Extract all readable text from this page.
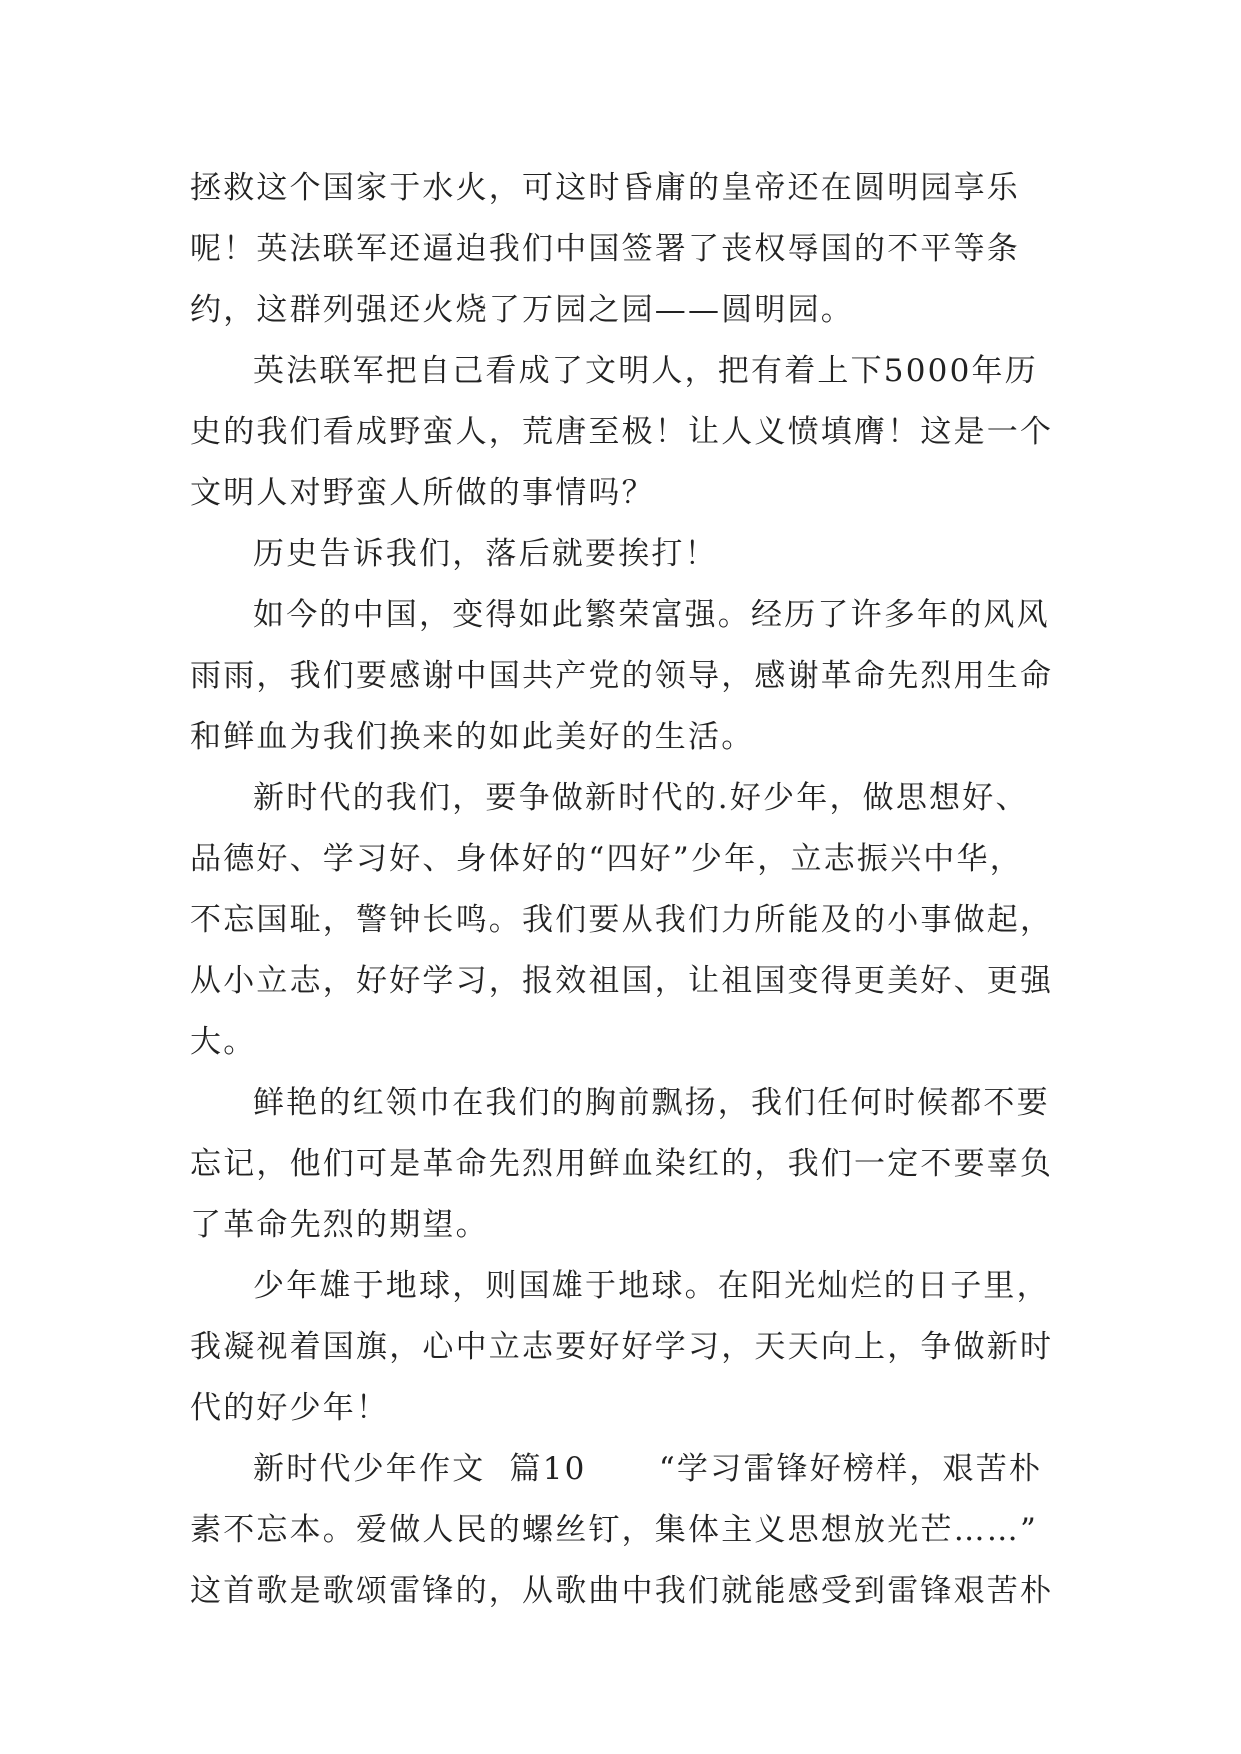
拯救这个国家于水火，可这时昏庸的皇帝还在圆明园享乐

呢！英法联军还逼迫我们中国签署了丧权辱国的不平等条

约，这群列强还火烧了万园之园——圆明园。

英法联军把自己看成了文明人，把有着上下5000年历

史的我们看成野蛮人，荒唐至极！让人义愤填膺！这是一个

文明人对野蛮人所做的事情吗？

历史告诉我们，落后就要挨打！

如今的中国，变得如此繁荣富强。经历了许多年的风风

雨雨，我们要感谢中国共产党的领导，感谢革命先烈用生命

和鲜血为我们换来的如此美好的生活。

新时代的我们，要争做新时代的.好少年，做思想好、

品德好、学习好、身体好的“四好”少年，立志振兴中华，

不忘国耻，警钟长鸣。我们要从我们力所能及的小事做起，

从小立志，好好学习，报效祖国，让祖国变得更美好、更强

大。

鲜艳的红领巾在我们的胸前飘扬，我们任何时候都不要

忘记，他们可是革命先烈用鲜血染红的，我们一定不要辜负

了革命先烈的期望。

少年雄于地球，则国雄于地球。在阳光灿烂的日子里，

我凝视着国旗，心中立志要好好学习，天天向上，争做新时

代的好少年！

新时代少年作文  篇10      “学习雷锋好榜样，艰苦朴

素不忘本。爱做人民的螺丝钉，集体主义思想放光芒……”

这首歌是歌颂雷锋的，从歌曲中我们就能感受到雷锋艰苦朴
